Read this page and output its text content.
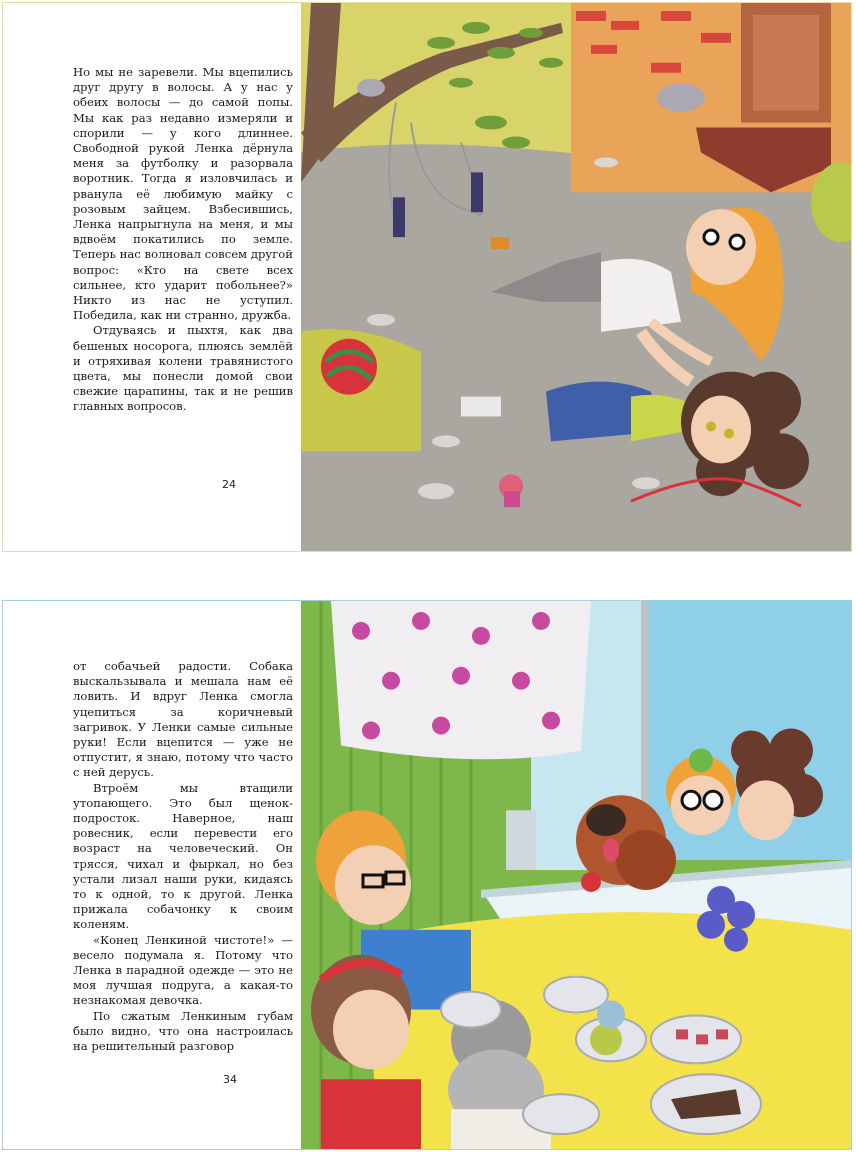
Но мы не заревели. Мы вцепились друг другу в волосы. А у нас у обеих волосы — до самой попы. Мы как раз недавно измеряли и спорили — у кого длиннее. Свободной рукой Ленка дёрнула меня за футболку и разорвала воротник. Тогда я изловчилась и рванула её любимую майку с розовым зайцем. Взбесившись, Ленка напрыгнула на меня, и мы вдвоём покатились по земле. Теперь нас волновал совсем другой вопрос: «Кто на свете всех сильнее, кто ударит побольнее?» Никто из нас не уступил. Победила, как ни странно, дружба.

Отдуваясь и пыхтя, как два бешеных носорога, плюясь землёй и отряхивая колени травянистого цвета, мы понесли домой свои свежие царапины, так и не решив главных вопросов.

24

от собачьей радости. Собака выскальзывала и мешала нам её ловить. И вдруг Ленка смогла уцепиться за коричневый загривок. У Ленки самые сильные руки! Если вцепится — уже не отпустит, я знаю, потому что часто с ней дерусь.

Втроём мы втащили утопающего. Это был щенок-подросток. Наверное, наш ровесник, если перевести его возраст на человеческий. Он трясся, чихал и фыркал, но без устали лизал наши руки, кидаясь то к одной, то к другой. Ленка прижала собачонку к своим коленям.

«Конец Ленкиной чистоте!» — весело подумала я. Потому что Ленка в парадной одежде — это не моя лучшая подруга, а какая-то незнакомая девочка.

По сжатым Ленкиным губам было видно, что она настроилась на решительный разговор

34
